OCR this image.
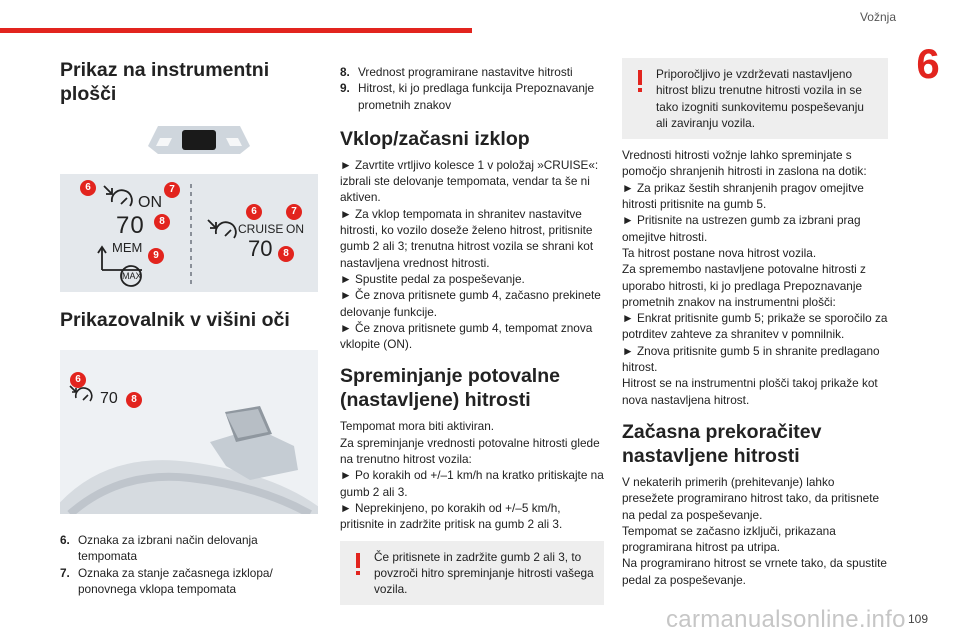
Vožnja
6
Prikaz na instrumentni plošči
ON
70
MEM
MAX
CRUISE ON
70
6	7
8
9
6	7
8
Prikazovalnik v višini oči
70
6
8
6. Oznaka za izbrani način delovanja tempomata
7. Oznaka za stanje začasnega izklopa/ ponovnega vklopa tempomata
8. Vrednost programirane nastavitve hitrosti
9. Hitrost, ki jo predlaga funkcija Prepoznavanje prometnih znakov
Vklop/začasni izklop

► Zavrtite vrtljivo kolesce 1 v položaj »CRUISE«: izbrali ste delovanje tempomata, vendar ta še ni aktiven.

► Za vklop tempomata in shranitev nastavitve hitrosti, ko vozilo doseže želeno hitrost, pritisnite gumb 2 ali 3; trenutna hitrost vozila se shrani kot nastavljena vrednost hitrosti.

► Spustite pedal za pospeševanje.

► Če znova pritisnete gumb 4, začasno prekinete delovanje funkcije.

► Če znova pritisnete gumb 4, tempomat znova vklopite (ON).

Spreminjanje potovalne (nastavljene) hitrosti

Tempomat mora biti aktiviran.

Za spreminjanje vrednosti potovalne hitrosti glede na trenutno hitrost vozila:

► Po korakih od +/–1 km/h na kratko pritiskajte na gumb 2 ali 3.

► Neprekinjeno, po korakih od +/–5 km/h, pritisnite in zadržite pritisk na gumb 2 ali 3.

Če pritisnete in zadržite gumb 2 ali 3, to povzroči hitro spreminjanje hitrosti vašega vozila.

Priporočljivo je vzdrževati nastavljeno hitrost blizu trenutne hitrosti vozila in se tako izogniti sunkovitemu pospeševanju ali zaviranju vozila.

Vrednosti hitrosti vožnje lahko spreminjate s pomočjo shranjenih hitrosti in zaslona na dotik:

► Za prikaz šestih shranjenih pragov omejitve hitrosti pritisnite na gumb 5.

► Pritisnite na ustrezen gumb za izbrani prag omejitve hitrosti.

Ta hitrost postane nova hitrost vozila.

Za spremembo nastavljene potovalne hitrosti z uporabo hitrosti, ki jo predlaga Prepoznavanje prometnih znakov na instrumentni plošči:

► Enkrat pritisnite gumb 5; prikaže se sporočilo za potrditev zahteve za shranitev v pomnilnik.

► Znova pritisnite gumb 5 in shranite predlagano hitrost.

Hitrost se na instrumentni plošči takoj prikaže kot nova nastavljena hitrost.

Začasna prekoračitev nastavljene hitrosti

V nekaterih primerih (prehitevanje) lahko presežete programirano hitrost tako, da pritisnete na pedal za pospeševanje.

Tempomat se začasno izključi, prikazana programirana hitrost pa utripa.

Na programirano hitrost se vrnete tako, da spustite pedal za pospeševanje.

carmanualsonline.info 109
